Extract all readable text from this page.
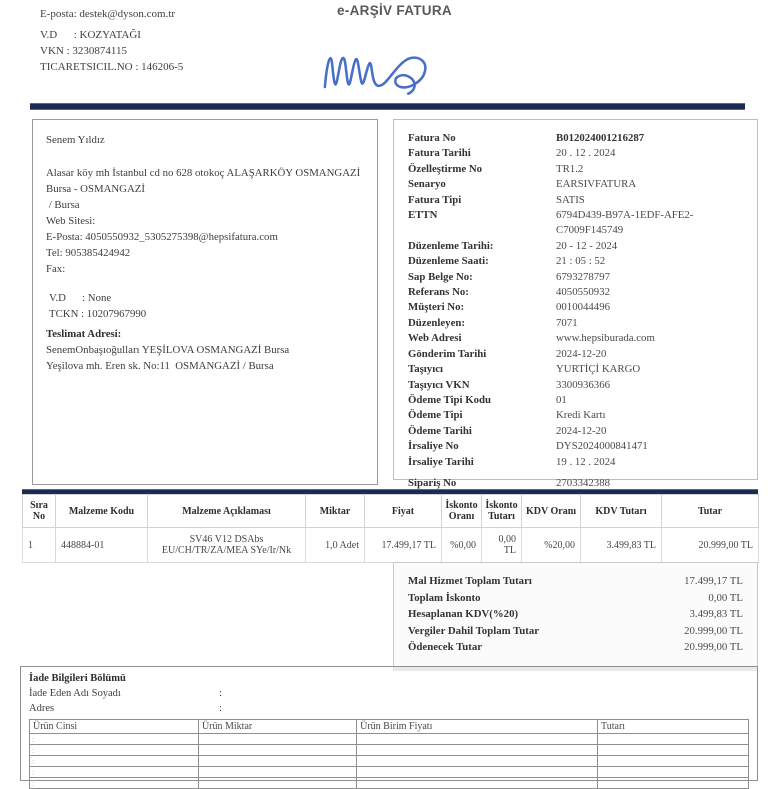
E-posta: destek@dyson.com.tr
V.D      : KOZYATAĞI
VKN : 3230874115
TICARETSICIL.NO : 146206-5
e-ARŞİV FATURA
Senem Yıldız
Alasar köy mh İstanbul cd no 628 otokoç ALAŞARKÖY OSMANGAZİ Bursa - OSMANGAZİ
/ Bursa
Web Sitesi:
E-Posta: 4050550932_5305275398@hepsifatura.com
Tel: 905385424942
Fax:
V.D      : None
TCKN : 10207967990
Teslimat Adresi:
SenemOnbaşıoğulları YEŞİLOVA OSMANGAZİ Bursa
Yeşilova mh. Eren sk. No:11  OSMANGAZİ / Bursa
Fatura No	B012024001216287
Fatura Tarihi	20 . 12 . 2024
Özelleştirme No	TR1.2
Senaryo	EARSIVFATURA
Fatura Tipi	SATIS
ETTN	6794D439-B97A-1EDF-AFE2-C7009F145749
Düzenleme Tarihi:	20 - 12 - 2024
Düzenleme Saati:	21 : 05 : 52
Sap Belge No:	6793278797
Referans No:	4050550932
Müşteri No:	0010044496
Düzenleyen:	7071
Web Adresi	www.hepsiburada.com
Gönderim Tarihi	2024-12-20
Taşıyıcı	YURTİÇİ KARGO
Taşıyıcı VKN	3300936366
Ödeme Tipi Kodu	01
Ödeme Tipi	Kredi Kartı
Ödeme Tarihi	2024-12-20
İrsaliye No	DYS2024000841471
İrsaliye Tarihi	19 . 12 . 2024
Sipariş No	2703342388
Sıra No	Malzeme Kodu	Malzeme Açıklaması	Miktar	Fiyat	İskonto Oranı	İskonto Tutarı	KDV Oranı	KDV Tutarı	Tutar
1	448884-01	SV46 V12 DSAbs EU/CH/TR/ZA/MEA SYe/Ir/Nk	1,0 Adet	17.499,17 TL	%0,00	0,00 TL	%20,00	3.499,83 TL	20.999,00 TL
Mal Hizmet Toplam Tutarı	17.499,17 TL
Toplam İskonto	0,00 TL
Hesaplanan KDV(%20)	3.499,83 TL
Vergiler Dahil Toplam Tutar	20.999,00 TL
Ödenecek Tutar	20.999,00 TL
İade Bilgileri Bölümü
İade Eden Adı Soyadı	:
Adres	:
Ürün Cinsi	Ürün Miktar	Ürün Birim Fiyatı	Tutarı
:			
:			
:			
:			
:			
